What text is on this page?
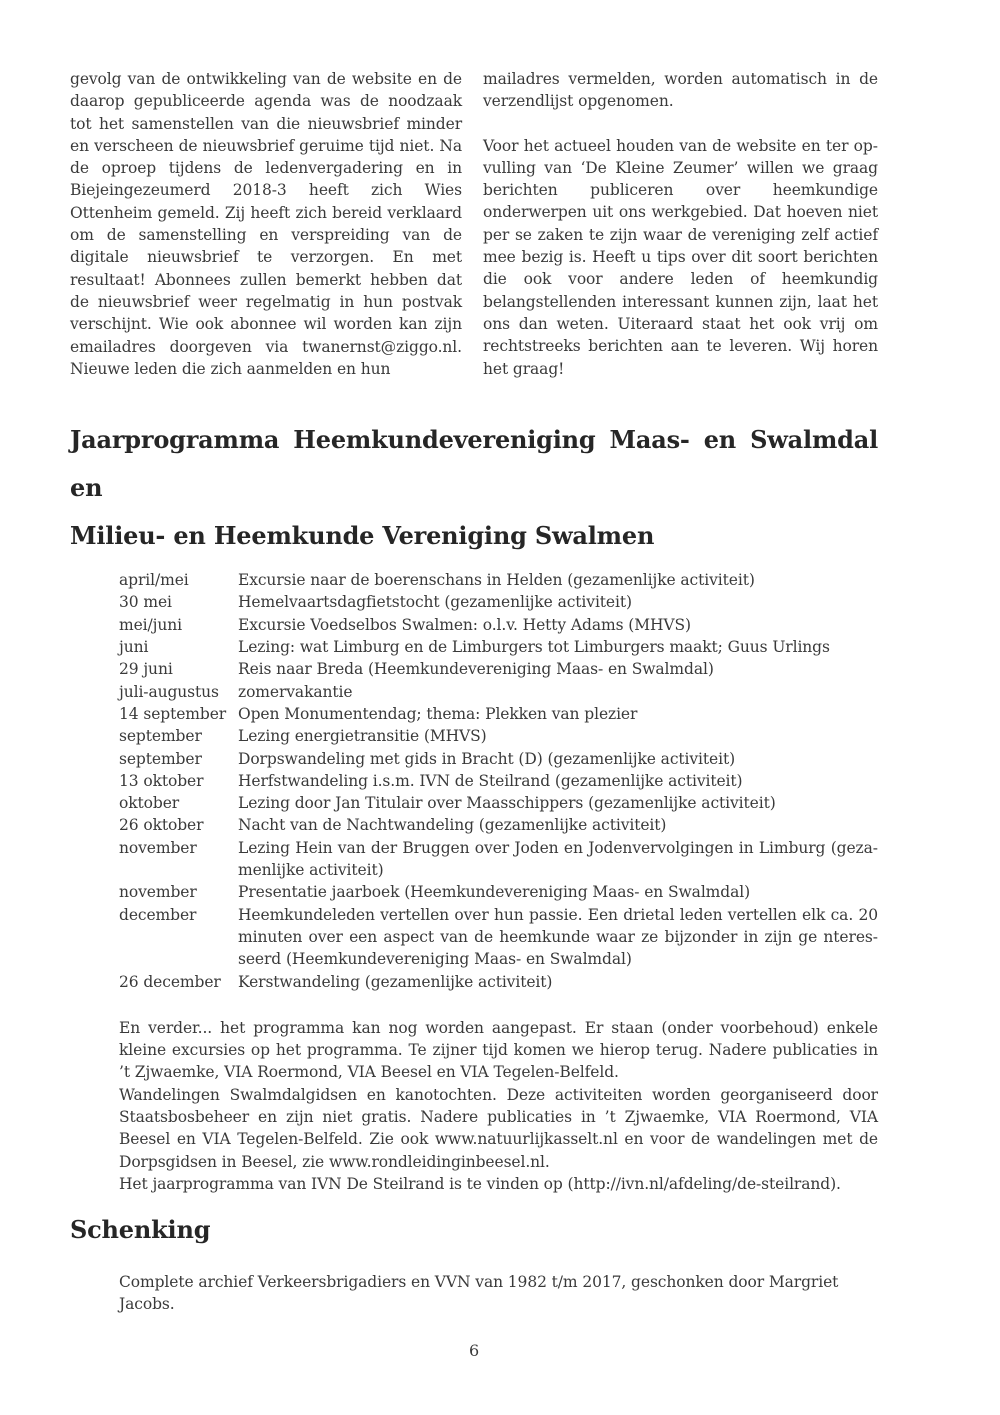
gevolg van de ontwikkeling van de website en de daarop gepubliceerde agenda was de noodzaak tot het samenstellen van die nieuwsbrief minder en verscheen de nieuwsbrief geruime tijd niet. Na de oproep tijdens de ledenvergadering en in Biejeingezeumerd 2018-3 heeft zich Wies Ottenheim gemeld. Zij heeft zich bereid verklaard om de samenstelling en verspreiding van de digitale nieuwsbrief te verzorgen. En met resultaat! Abonnees zullen bemerkt hebben dat de nieuwsbrief weer regelmatig in hun postvak verschijnt. Wie ook abonnee wil worden kan zijn emailadres doorgeven via twanernst@ziggo.nl. Nieuwe leden die zich aanmelden en hun

mailadres vermelden, worden automatisch in de verzendlijst opgenomen.

Voor het actueel houden van de website en ter opvulling van ‘De Kleine Zeumer’ willen we graag berichten publiceren over heemkundige onderwerpen uit ons werkgebied. Dat hoeven niet per se zaken te zijn waar de vereniging zelf actief mee bezig is. Heeft u tips over dit soort berichten die ook voor andere leden of heemkundig belangstellenden interessant kunnen zijn, laat het ons dan weten. Uiteraard staat het ook vrij om rechtstreeks berichten aan te leveren. Wij horen het graag!

Jaarprogramma Heemkundevereniging Maas- en Swalmdal en
Milieu- en Heemkunde Vereniging Swalmen
april/mei	Excursie naar de boerenschans in Helden (gezamenlijke activiteit)
30 mei	Hemelvaartsdagfietstocht (gezamenlijke activiteit)
mei/juni	Excursie Voedselbos Swalmen: o.l.v. Hetty Adams (MHVS)
juni	Lezing: wat Limburg en de Limburgers tot Limburgers maakt; Guus Urlings
29 juni	Reis naar Breda (Heemkundevereniging Maas- en Swalmdal)
juli-augustus	zomervakantie
14 september Open Monumentendag; thema: Plekken van plezier
september	Lezing energietransitie (MHVS)
september	Dorpswandeling met gids in Bracht (D) (gezamenlijke activiteit)
13 oktober	Herfstwandeling i.s.m. IVN de Steilrand (gezamenlijke activiteit)
oktober	Lezing door Jan Titulair over Maasschippers (gezamenlijke activiteit)
26 oktober	Nacht van de Nachtwandeling (gezamenlijke activiteit)
november	Lezing Hein van der Bruggen over Joden en Jodenvervolgingen in Limburg (gezamenlijke activiteit)
november	Presentatie jaarboek (Heemkundevereniging Maas- en Swalmdal)
december	Heemkundeleden vertellen over hun passie. Een drietal leden vertellen elk ca. 20 minuten over een aspect van de heemkunde waar ze bijzonder in zijn ge nteresseerd (Heemkundevereniging Maas- en Swalmdal)
26 december	Kerstwandeling (gezamenlijke activiteit)

En verder... het programma kan nog worden aangepast. Er staan (onder voorbehoud) enkele kleine excursies op het programma. Te zijner tijd komen we hierop terug. Nadere publicaties in ’t Zjwaemke, VIA Roermond, VIA Beesel en VIA Tegelen-Belfeld.

Wandelingen Swalmdalgidsen en kanotochten. Deze activiteiten worden georganiseerd door Staatsbosbeheer en zijn niet gratis. Nadere publicaties in ’t Zjwaemke, VIA Roermond, VIA Beesel en VIA Tegelen-Belfeld. Zie ook www.natuurlijkasselt.nl en voor de wandelingen met de Dorpsgidsen in Beesel, zie www.rondleidinginbeesel.nl.

Het jaarprogramma van IVN De Steilrand is te vinden op (http://ivn.nl/afdeling/de-steilrand).

Schenking

Complete archief Verkeersbrigadiers en VVN van 1982 t/m 2017, geschonken door Margriet Jacobs.

6
